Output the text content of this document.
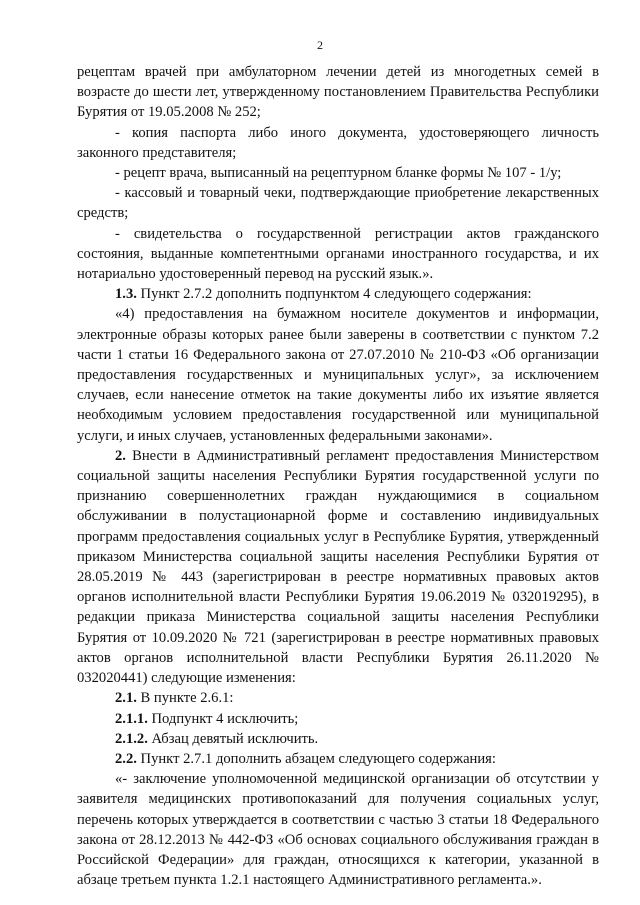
2

рецептам врачей при амбулаторном лечении детей из многодетных семей в возрасте до шести лет, утвержденному постановлением Правительства Республики Бурятия от 19.05.2008 № 252;

- копия паспорта либо иного документа, удостоверяющего личность законного представителя;

- рецепт врача, выписанный на рецептурном бланке формы № 107 - 1/у;

- кассовый и товарный чеки, подтверждающие приобретение лекарственных средств;

- свидетельства о государственной регистрации актов гражданского состояния, выданные компетентными органами иностранного государства, и их нотариально удостоверенный перевод на русский язык.».

1.3. Пункт 2.7.2 дополнить подпунктом 4 следующего содержания:

«4) предоставления на бумажном носителе документов и информации, электронные образы которых ранее были заверены в соответствии с пунктом 7.2 части 1 статьи 16 Федерального закона от 27.07.2010 № 210-ФЗ «Об организации предоставления государственных и муниципальных услуг», за исключением случаев, если нанесение отметок на такие документы либо их изъятие является необходимым условием предоставления государственной или муниципальной услуги, и иных случаев, установленных федеральными законами».

2. Внести в Административный регламент предоставления Министерством социальной защиты населения Республики Бурятия государственной услуги по признанию совершеннолетних граждан нуждающимися в социальном обслуживании в полустационарной форме и составлению индивидуальных программ предоставления социальных услуг в Республике Бурятия, утвержденный приказом Министерства социальной защиты населения Республики Бурятия от 28.05.2019 № 443 (зарегистрирован в реестре нормативных правовых актов органов исполнительной власти Республики Бурятия 19.06.2019 № 032019295), в редакции приказа Министерства социальной защиты населения Республики Бурятия от 10.09.2020 № 721 (зарегистрирован в реестре нормативных правовых актов органов исполнительной власти Республики Бурятия 26.11.2020 № 032020441) следующие изменения:

2.1. В пункте 2.6.1:

2.1.1. Подпункт 4 исключить;

2.1.2. Абзац девятый исключить.

2.2. Пункт 2.7.1 дополнить абзацем следующего содержания:

«- заключение уполномоченной медицинской организации об отсутствии у заявителя медицинских противопоказаний для получения социальных услуг, перечень которых утверждается в соответствии с частью 3 статьи 18 Федерального закона от 28.12.2013 № 442-ФЗ «Об основах социального обслуживания граждан в Российской Федерации» для граждан, относящихся к категории, указанной в абзаце третьем пункта 1.2.1 настоящего Административного регламента.».
